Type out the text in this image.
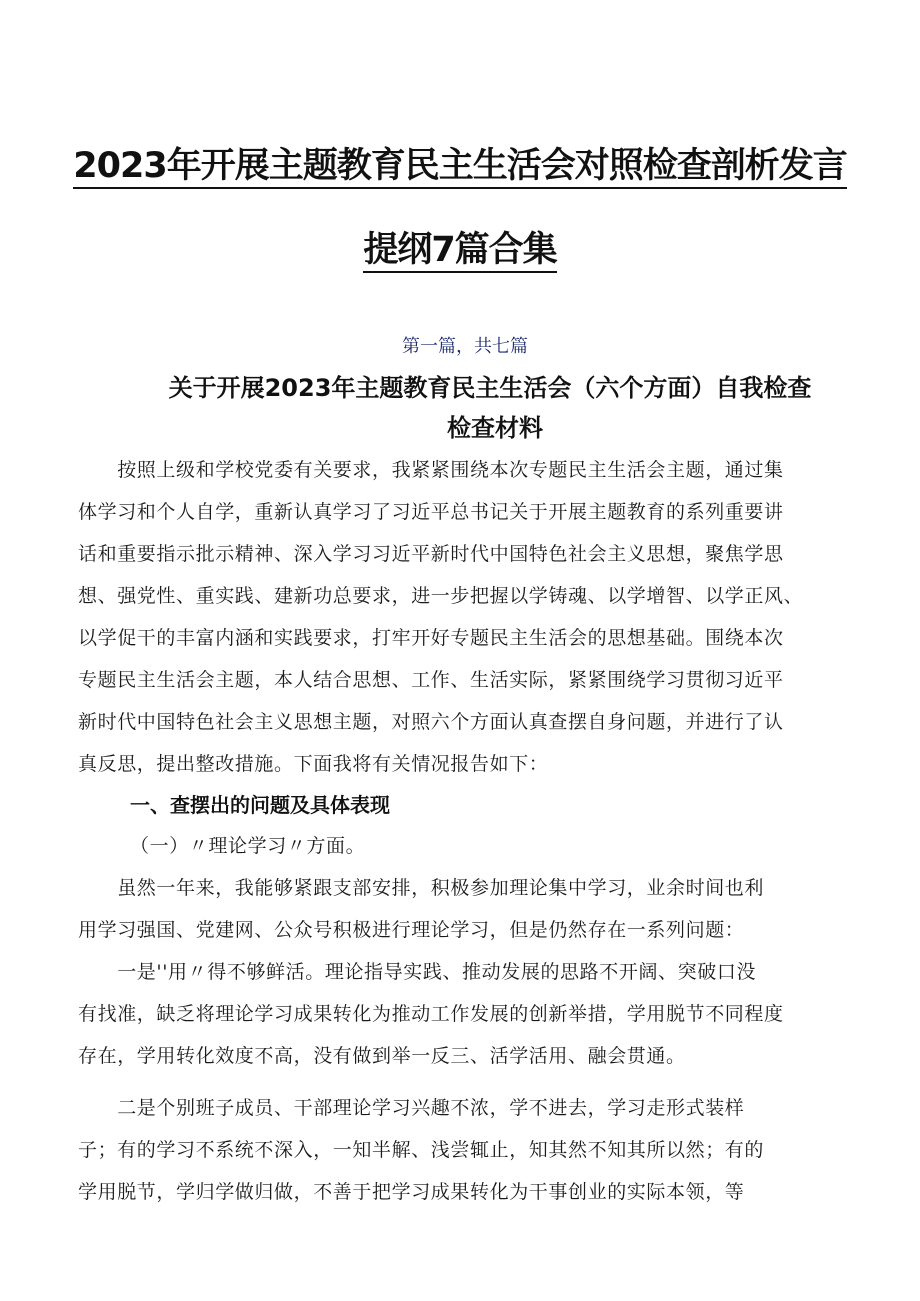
2023年开展主题教育民主生活会对照检查剖析发言
提纲7篇合集

第一篇，共七篇

关于开展2023年主题教育民主生活会（六个方面）自我检查
检查材料

　　按照上级和学校党委有关要求，我紧紧围绕本次专题民主生活会主题，通过集

体学习和个人自学，重新认真学习了习近平总书记关于开展主题教育的系列重要讲

话和重要指示批示精神、深入学习习近平新时代中国特色社会主义思想，聚焦学思

想、强党性、重实践、建新功总要求，进一步把握以学铸魂、以学增智、以学正风、

以学促干的丰富内涵和实践要求，打牢开好专题民主生活会的思想基础。围绕本次

专题民主生活会主题，本人结合思想、工作、生活实际，紧紧围绕学习贯彻习近平

新时代中国特色社会主义思想主题，对照六个方面认真查摆自身问题，并进行了认

真反思，提出整改措施。下面我将有关情况报告如下：

一、查摆出的问题及具体表现

（一）〃理论学习〃方面。

　　虽然一年来，我能够紧跟支部安排，积极参加理论集中学习，业余时间也利

用学习强国、党建网、公众号积极进行理论学习，但是仍然存在一系列问题：

　　一是''用〃得不够鲜活。理论指导实践、推动发展的思路不开阔、突破口没

有找准，缺乏将理论学习成果转化为推动工作发展的创新举措，学用脱节不同程度

存在，学用转化效度不高，没有做到举一反三、活学活用、融会贯通。

　　二是个别班子成员、干部理论学习兴趣不浓，学不进去，学习走形式装样

子；有的学习不系统不深入，一知半解、浅尝辄止，知其然不知其所以然；有的

学用脱节，学归学做归做，不善于把学习成果转化为干事创业的实际本领，等
